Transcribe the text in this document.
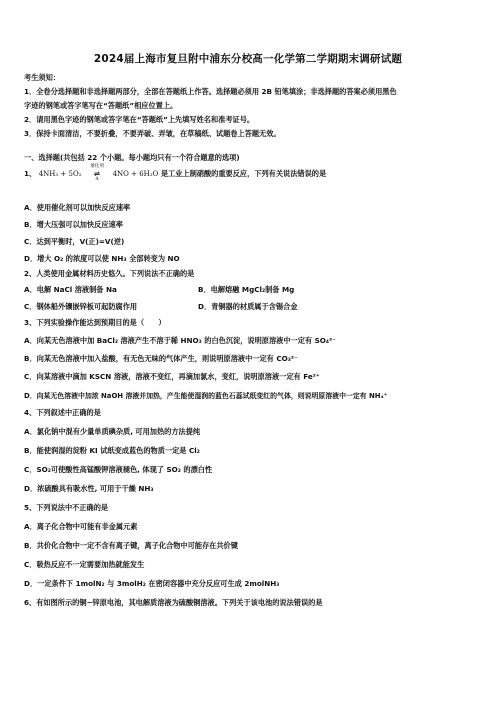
2024届上海市复旦附中浦东分校高一化学第二学期期末调研试题
考生须知：
1．全卷分选择题和非选择题两部分，全部在答题纸上作答。选择题必须用 2B 铅笔填涂；非选择题的答案必须用黑色
字迹的钢笔或答字笔写在“答题纸”相应位置上。
2．请用黑色字迹的钢笔或答字笔在“答题纸”上先填写姓名和准考证号。
3．保持卡面清洁，不要折叠，不要弄破、弄皱，在草稿纸、试题卷上答题无效。
一、选择题(共包括 22 个小题。每小题均只有一个符合题意的选项)
1、 4NH₃ + 5O₂
催化剂
⇌
Δ
4NO + 6H₂O 是工业上制硝酸的重要反应，下列有关说法错误的是
A．使用催化剂可以加快反应速率
B．增大压强可以加快反应速率
C．达到平衡时，V(正)=V(逆)
D．增大 O₂ 的浓度可以使 NH₃ 全部转变为 NO
2、人类使用金属材料历史悠久。下列说法不正确的是
A．电解 NaCl 溶液制备 Na	B．电解熔融 MgCl₂制备 Mg
C．钢体船外镶嵌锌板可起防腐作用	D．青铜器的材质属于含锡合金
3、下列实验操作能达到预期目的是（　　）
A．向某无色溶液中加 BaCl₂ 溶液产生不溶于稀 HNO₃ 的白色沉淀，说明原溶液中一定有 SO₄²⁻
B．向某无色溶液中加入盐酸，有无色无味的气体产生，则说明原溶液中一定有 CO₃²⁻
C．向某溶液中滴加 KSCN 溶液，溶液不变红，再滴加氯水，变红，说明原溶液一定有 Fe²⁺
D．向某无色溶液中加浓 NaOH 溶液并加热，产生能使湿润的蓝色石蕊试纸变红的气体，则说明原溶液中一定有 NH₄⁺
4、下列叙述中正确的是
A．氯化钠中混有少量单质碘杂质, 可用加热的方法提纯
B．能使润湿的淀粉 KI 试纸变成蓝色的物质一定是 Cl₂
C．SO₂可使酸性高锰酸钾溶液褪色, 体现了 SO₂ 的漂白性
D．浓硫酸具有吸水性, 可用于干燥 NH₃
5、下列说法中不正确的是
A．离子化合物中可能有非金属元素
B．共价化合物中一定不含有离子键，离子化合物中可能存在共价键
C．吸热反应不一定需要加热就能发生
D．一定条件下 1molN₂ 与 3molH₂ 在密闭容器中充分反应可生成 2molNH₃
6、有如图所示的铜−锌原电池，其电解质溶液为硫酸铜溶液。下列关于该电池的说法错误的是
